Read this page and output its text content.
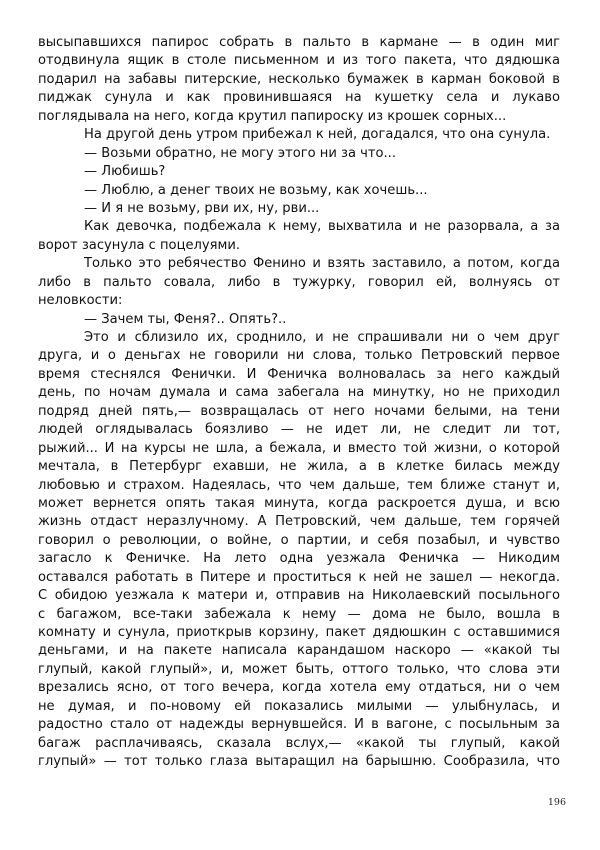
высыпавшихся папирос собрать в пальто в кармане — в один миг
отодвинула ящик в столе письменном и из того пакета, что дядюшка
подарил на забавы питерские, несколько бумажек в карман боковой в
пиджак сунула и как провинившаяся на кушетку села и лукаво
поглядывала на него, когда крутил папироску из крошек сорных...
На другой день утром прибежал к ней, догадался, что она сунула.
— Возьми обратно, не могу этого ни за что...
— Любишь?
— Люблю, а денег твоих не возьму, как хочешь...
— И я не возьму, рви их, ну, рви...
Как девочка, подбежала к нему, выхватила и не разорвала, а за
ворот засунула с поцелуями.
Только это ребячество Фенино и взять заставило, а потом, когда
либо в пальто совала, либо в тужурку, говорил ей, волнуясь от
неловкости:
— Зачем ты, Феня?.. Опять?..
Это и сблизило их, сроднило, и не спрашивали ни о чем друг
друга, и о деньгах не говорили ни слова, только Петровский первое
время стеснялся Фенички. И Феничка волновалась за него каждый
день, по ночам думала и сама забегала на минутку, но не приходил
подряд дней пять,— возвращалась от него ночами белыми, на тени
людей оглядывалась боязливо — не идет ли, не следит ли тот,
рыжий... И на курсы не шла, а бежала, и вместо той жизни, о которой
мечтала, в Петербург ехавши, не жила, а в клетке билась между
любовью и страхом. Надеялась, что чем дальше, тем ближе станут и,
может вернется опять такая минута, когда раскроется душа, и всю
жизнь отдаст неразлучному. А Петровский, чем дальше, тем горячей
говорил о революции, о войне, о партии, и себя позабыл, и чувство
загасло к Феничке. На лето одна уезжала Феничка — Никодим
оставался работать в Питере и проститься к ней не зашел — некогда.
С обидою уезжала к матери и, отправив на Николаевский посыльного
с багажом, все-таки забежала к нему — дома не было, вошла в
комнату и сунула, приоткрыв корзину, пакет дядюшкин с оставшимися
деньгами, и на пакете написала карандашом наскоро — «какой ты
глупый, какой глупый», и, может быть, оттого только, что слова эти
врезались ясно, от того вечера, когда хотела ему отдаться, ни о чем
не думая, и по-новому ей показались милыми — улыбнулась, и
радостно стало от надежды вернувшейся. И в вагоне, с посыльным за
багаж расплачиваясь, сказала вслух,— «какой ты глупый, какой
глупый» — тот только глаза вытаращил на барышню. Сообразила, что
196
